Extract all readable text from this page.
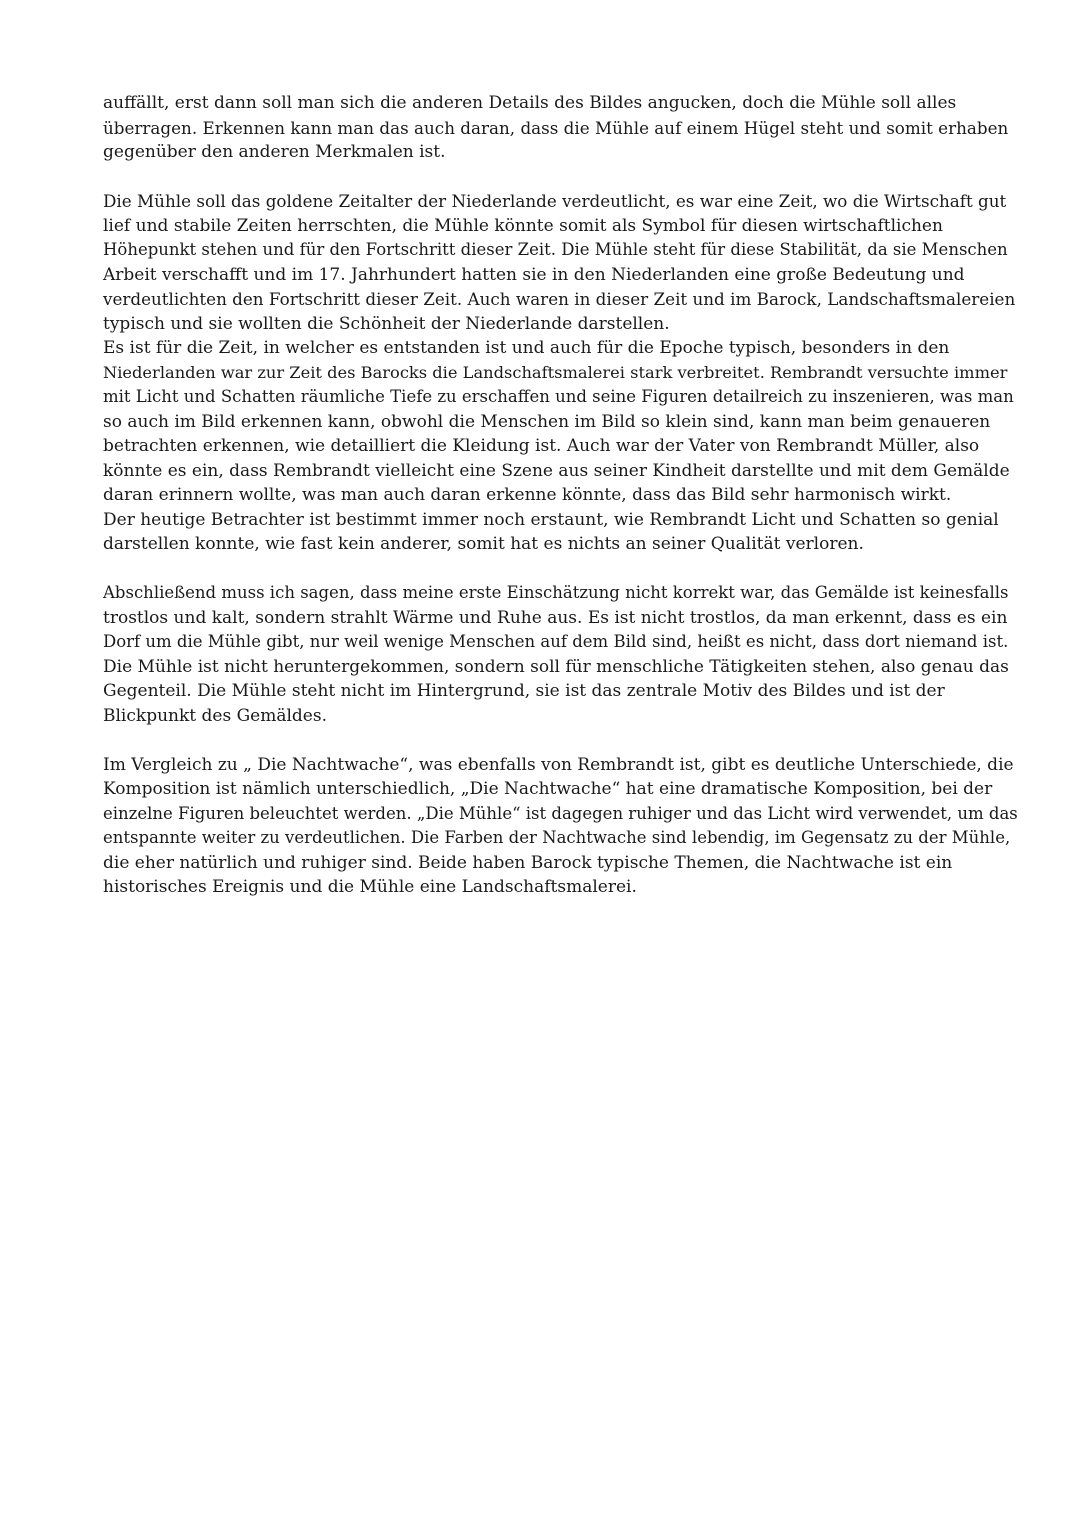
auffällt, erst dann soll man sich die anderen Details des Bildes angucken, doch die Mühle soll alles
überragen. Erkennen kann man das auch daran, dass die Mühle auf einem Hügel steht und somit erhaben
gegenüber den anderen Merkmalen ist.
Die Mühle soll das goldene Zeitalter der Niederlande verdeutlicht, es war eine Zeit, wo die Wirtschaft gut
lief und stabile Zeiten herrschten, die Mühle könnte somit als Symbol für diesen wirtschaftlichen
Höhepunkt stehen und für den Fortschritt dieser Zeit. Die Mühle steht für diese Stabilität, da sie Menschen
Arbeit verschafft und im 17. Jahrhundert hatten sie in den Niederlanden eine große Bedeutung und
verdeutlichten den Fortschritt dieser Zeit. Auch waren in dieser Zeit und im Barock, Landschaftsmalereien
typisch und sie wollten die Schönheit der Niederlande darstellen.
Es ist für die Zeit, in welcher es entstanden ist und auch für die Epoche typisch, besonders in den
Niederlanden war zur Zeit des Barocks die Landschaftsmalerei stark verbreitet. Rembrandt versuchte immer
mit Licht und Schatten räumliche Tiefe zu erschaffen und seine Figuren detailreich zu inszenieren, was man
so auch im Bild erkennen kann, obwohl die Menschen im Bild so klein sind, kann man beim genaueren
betrachten erkennen, wie detailliert die Kleidung ist. Auch war der Vater von Rembrandt Müller, also
könnte es ein, dass Rembrandt vielleicht eine Szene aus seiner Kindheit darstellte und mit dem Gemälde
daran erinnern wollte, was man auch daran erkenne könnte, dass das Bild sehr harmonisch wirkt.
Der heutige Betrachter ist bestimmt immer noch erstaunt, wie Rembrandt Licht und Schatten so genial
darstellen konnte, wie fast kein anderer, somit hat es nichts an seiner Qualität verloren.
Abschließend muss ich sagen, dass meine erste Einschätzung nicht korrekt war, das Gemälde ist keinesfalls
trostlos und kalt, sondern strahlt Wärme und Ruhe aus. Es ist nicht trostlos, da man erkennt, dass es ein
Dorf um die Mühle gibt, nur weil wenige Menschen auf dem Bild sind, heißt es nicht, dass dort niemand ist.
Die Mühle ist nicht heruntergekommen, sondern soll für menschliche Tätigkeiten stehen, also genau das
Gegenteil. Die Mühle steht nicht im Hintergrund, sie ist das zentrale Motiv des Bildes und ist der
Blickpunkt des Gemäldes.
Im Vergleich zu „ Die Nachtwache“, was ebenfalls von Rembrandt ist, gibt es deutliche Unterschiede, die
Komposition ist nämlich unterschiedlich, „Die Nachtwache“ hat eine dramatische Komposition, bei der
einzelne Figuren beleuchtet werden. „Die Mühle“ ist dagegen ruhiger und das Licht wird verwendet, um das
entspannte weiter zu verdeutlichen. Die Farben der Nachtwache sind lebendig, im Gegensatz zu der Mühle,
die eher natürlich und ruhiger sind. Beide haben Barock typische Themen, die Nachtwache ist ein
historisches Ereignis und die Mühle eine Landschaftsmalerei.
